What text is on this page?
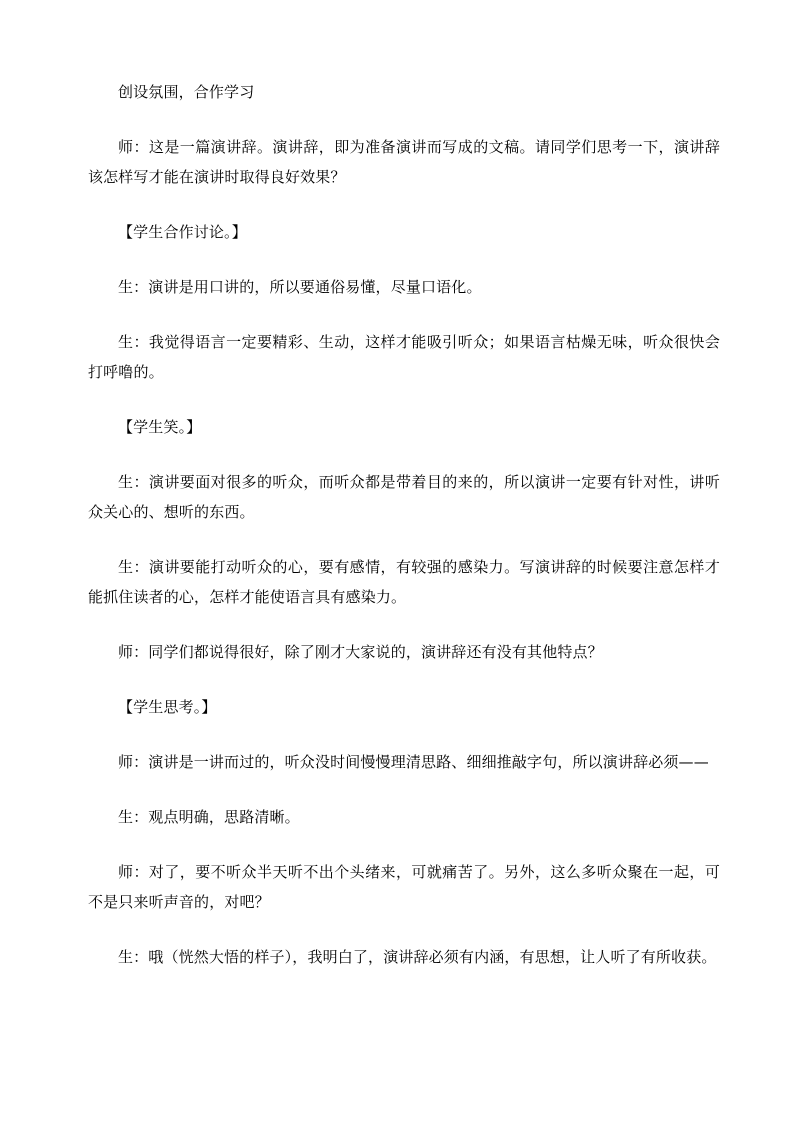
创设氛围，合作学习

师：这是一篇演讲辞。演讲辞，即为准备演讲而写成的文稿。请同学们思考一下，演讲辞该怎样写才能在演讲时取得良好效果？

【学生合作讨论。】

生：演讲是用口讲的，所以要通俗易懂，尽量口语化。

生：我觉得语言一定要精彩、生动，这样才能吸引听众；如果语言枯燥无味，听众很快会打呼噜的。

【学生笑。】

生：演讲要面对很多的听众，而听众都是带着目的来的，所以演讲一定要有针对性，讲听众关心的、想听的东西。

生：演讲要能打动听众的心，要有感情，有较强的感染力。写演讲辞的时候要注意怎样才能抓住读者的心，怎样才能使语言具有感染力。

师：同学们都说得很好，除了刚才大家说的，演讲辞还有没有其他特点？

【学生思考。】

师：演讲是一讲而过的，听众没时间慢慢理清思路、细细推敲字句，所以演讲辞必须——

生：观点明确，思路清晰。

师：对了，要不听众半天听不出个头绪来，可就痛苦了。另外，这么多听众聚在一起，可不是只来听声音的，对吧？

生：哦（恍然大悟的样子），我明白了，演讲辞必须有内涵，有思想，让人听了有所收获。
